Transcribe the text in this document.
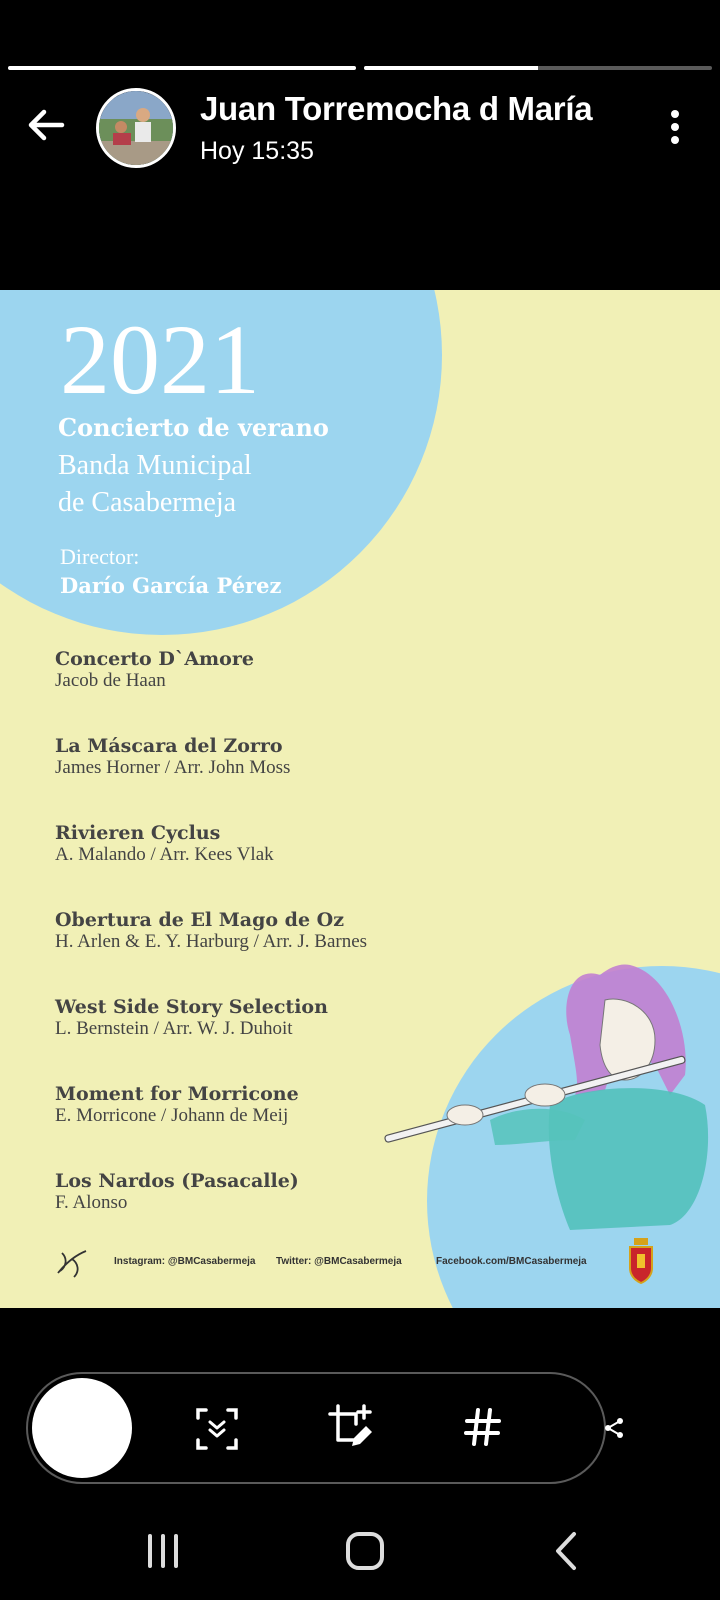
Juan Torremocha d María
Hoy 15:35
2021
Concierto de verano
Banda Municipal
de Casabermeja
Director:
Darío García Pérez
Concerto D`Amore
Jacob de Haan
La Máscara del Zorro
James Horner / Arr. John Moss
Rivieren Cyclus
A. Malando / Arr. Kees Vlak
Obertura de El Mago de Oz
H. Arlen & E. Y. Harburg / Arr. J. Barnes
West Side Story Selection
L. Bernstein / Arr. W. J. Duhoit
Moment for Morricone
E. Morricone / Johann de Meij
Los Nardos (Pasacalle)
F. Alonso
Instagram: @BMCasabermeja Twitter: @BMCasabermeja	Facebook.com/BMCasabermeja
